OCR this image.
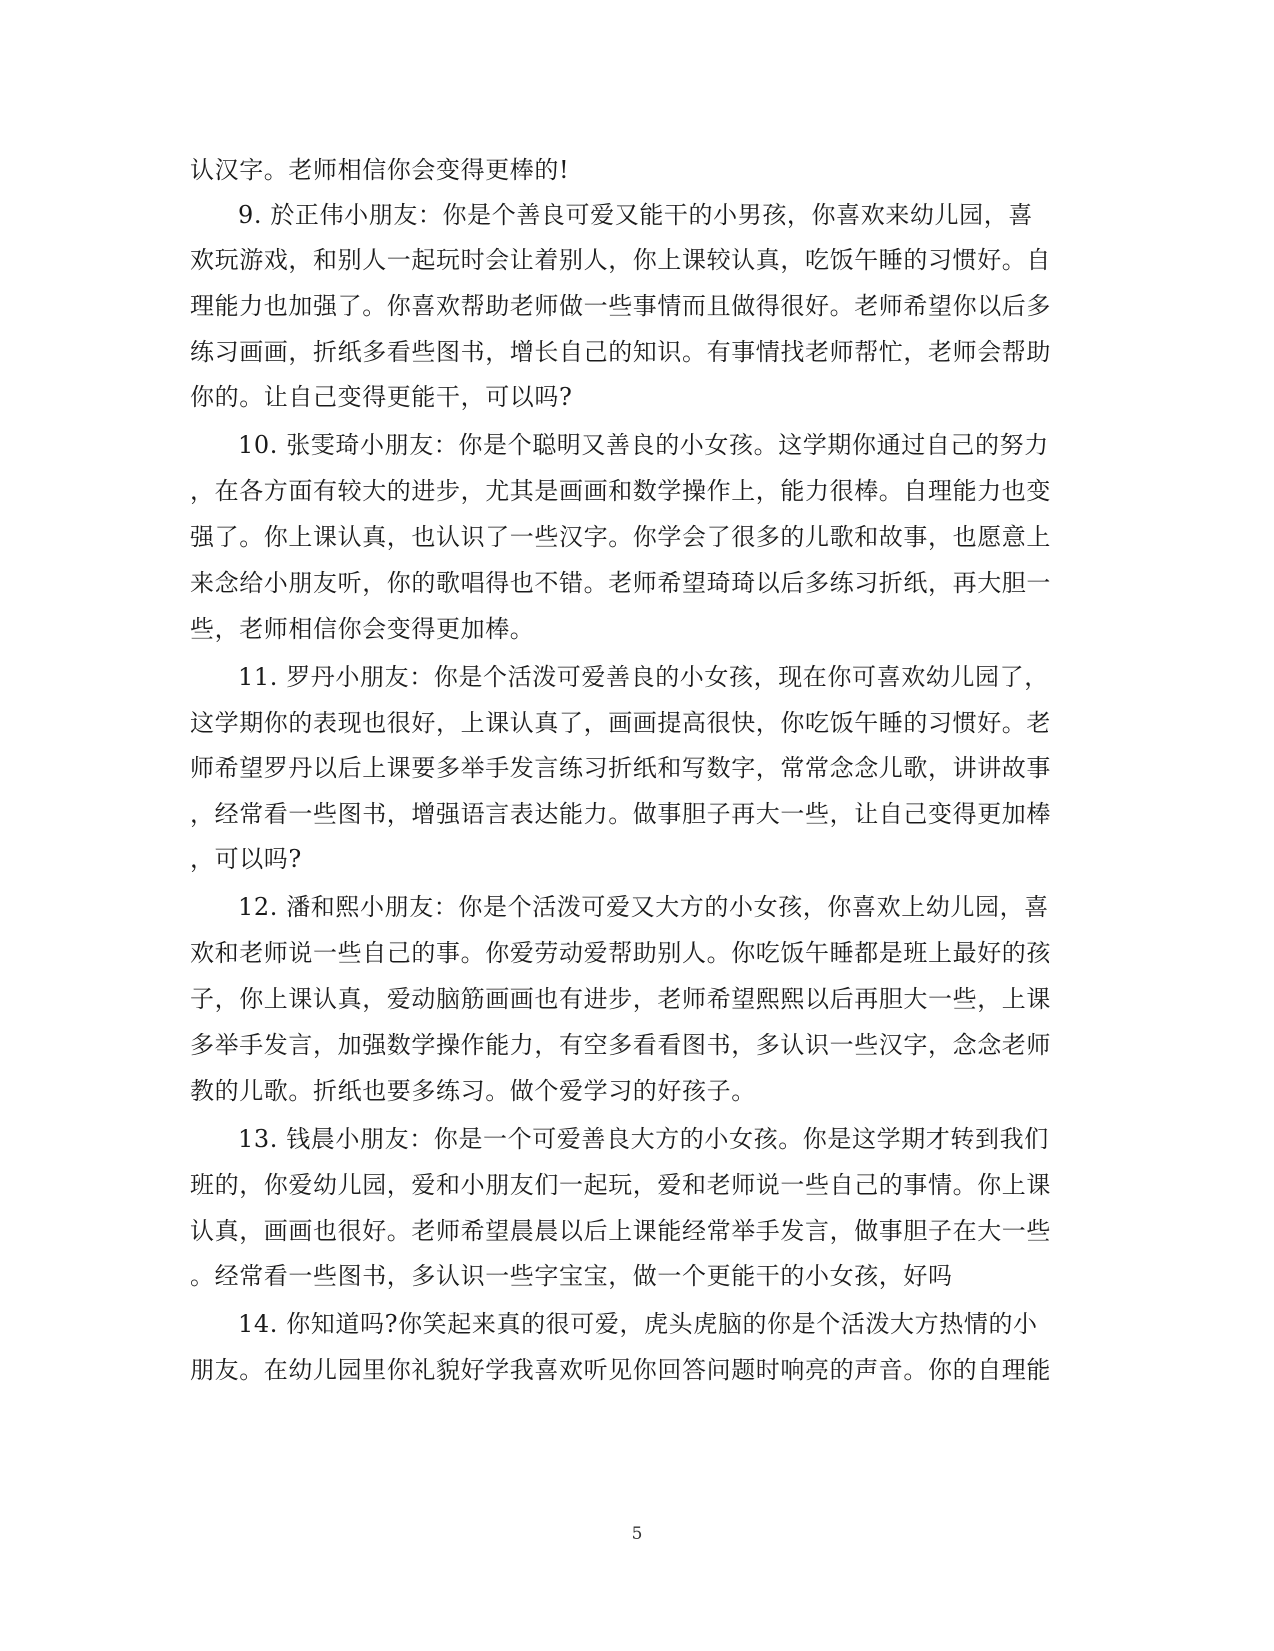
认汉字。老师相信你会变得更棒的!
9. 於正伟小朋友：你是个善良可爱又能干的小男孩，你喜欢来幼儿园，喜
欢玩游戏，和别人一起玩时会让着别人，你上课较认真，吃饭午睡的习惯好。自
理能力也加强了。你喜欢帮助老师做一些事情而且做得很好。老师希望你以后多
练习画画，折纸多看些图书，增长自己的知识。有事情找老师帮忙，老师会帮助
你的。让自己变得更能干，可以吗?
10. 张雯琦小朋友：你是个聪明又善良的小女孩。这学期你通过自己的努力
，在各方面有较大的进步，尤其是画画和数学操作上，能力很棒。自理能力也变
强了。你上课认真，也认识了一些汉字。你学会了很多的儿歌和故事，也愿意上
来念给小朋友听，你的歌唱得也不错。老师希望琦琦以后多练习折纸，再大胆一
些，老师相信你会变得更加棒。
11. 罗丹小朋友：你是个活泼可爱善良的小女孩，现在你可喜欢幼儿园了，
这学期你的表现也很好，上课认真了，画画提高很快，你吃饭午睡的习惯好。老
师希望罗丹以后上课要多举手发言练习折纸和写数字，常常念念儿歌，讲讲故事
，经常看一些图书，增强语言表达能力。做事胆子再大一些，让自己变得更加棒
，可以吗?
12. 潘和熙小朋友：你是个活泼可爱又大方的小女孩，你喜欢上幼儿园，喜
欢和老师说一些自己的事。你爱劳动爱帮助别人。你吃饭午睡都是班上最好的孩
子，你上课认真，爱动脑筋画画也有进步，老师希望熙熙以后再胆大一些，上课
多举手发言，加强数学操作能力，有空多看看图书，多认识一些汉字，念念老师
教的儿歌。折纸也要多练习。做个爱学习的好孩子。
13. 钱晨小朋友：你是一个可爱善良大方的小女孩。你是这学期才转到我们
班的，你爱幼儿园，爱和小朋友们一起玩，爱和老师说一些自己的事情。你上课
认真，画画也很好。老师希望晨晨以后上课能经常举手发言，做事胆子在大一些
。经常看一些图书，多认识一些字宝宝，做一个更能干的小女孩，好吗
14. 你知道吗?你笑起来真的很可爱，虎头虎脑的你是个活泼大方热情的小
朋友。在幼儿园里你礼貌好学我喜欢听见你回答问题时响亮的声音。你的自理能
5
